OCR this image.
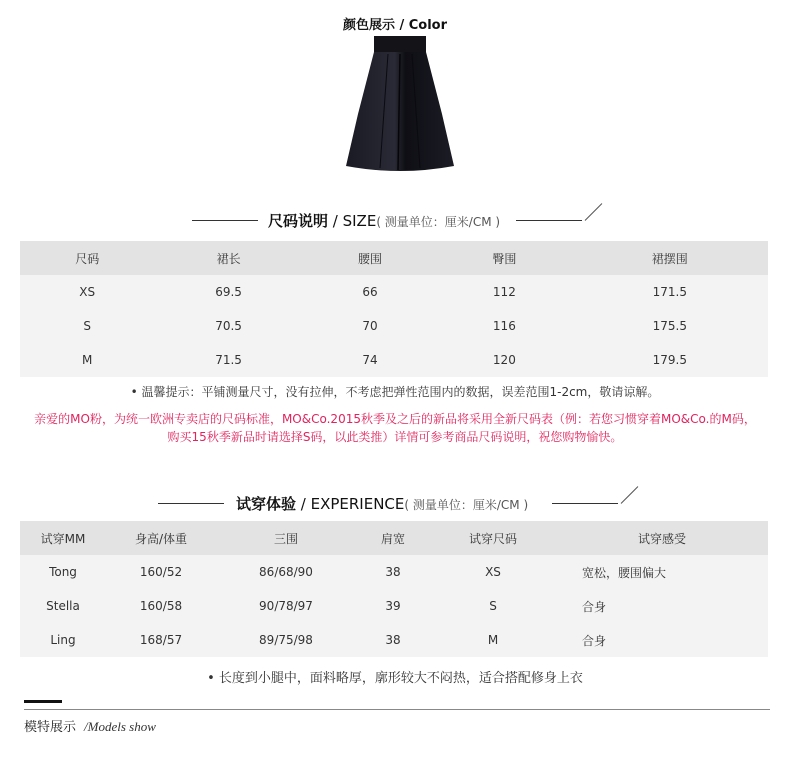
颜色展示 / Color
尺码说明 / SIZE( 测量单位：厘米/CM )
尺码	裙长	腰围	臀围	裙摆围
XS	69.5	66	112	171.5
S	70.5	70	116	175.5
M	71.5	74	120	179.5
• 温馨提示：平铺测量尺寸，没有拉伸，不考虑把弹性范围内的数据，误差范围1-2cm，敬请谅解。
亲爱的MO粉，为统一欧洲专卖店的尺码标准，MO&Co.2015秋季及之后的新品将采用全新尺码表（例：若您习惯穿着MO&Co.的M码，
购买15秋季新品时请选择S码，以此类推）详情可参考商品尺码说明，祝您购物愉快。
试穿体验 / EXPERIENCE( 测量单位：厘米/CM )
试穿MM	身高/体重	三围	肩宽	试穿尺码	试穿感受
Tong	160/52	86/68/90	38	XS	宽松，腰围偏大
Stella	160/58	90/78/97	39	S	合身
Ling	168/57	89/75/98	38	M	合身
• 长度到小腿中，面料略厚，廓形较大不闷热，适合搭配修身上衣
模特展示 /Models show
